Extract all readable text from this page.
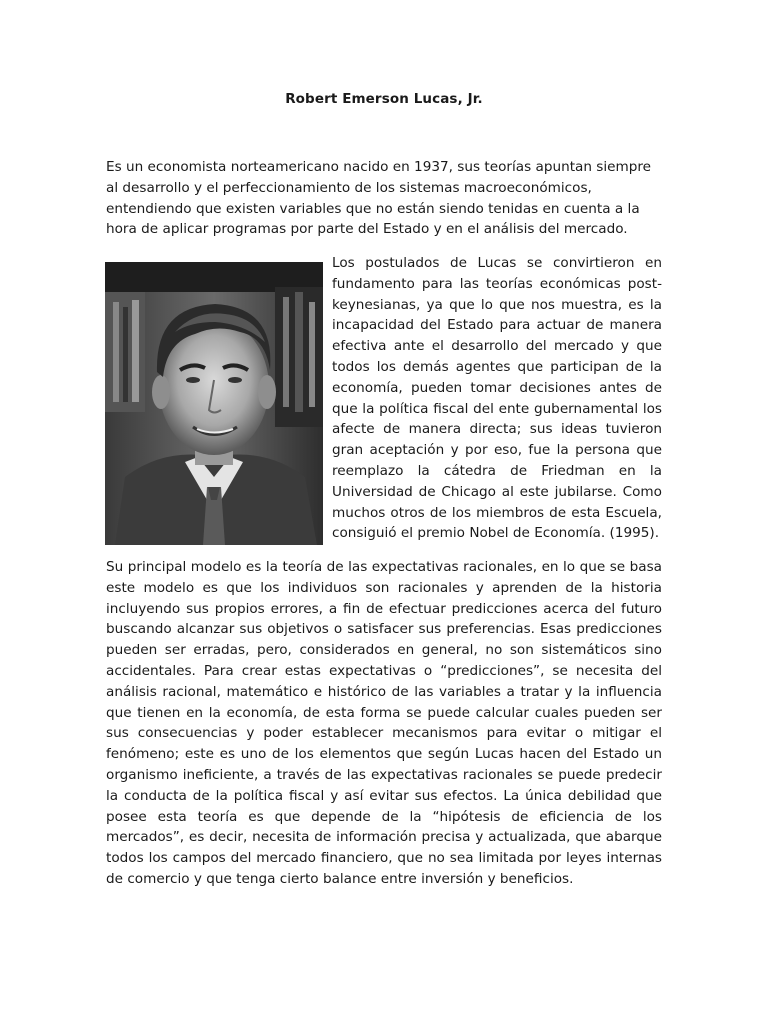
Robert Emerson Lucas, Jr.

Es un economista norteamericano nacido en 1937, sus teorías apuntan siempre al desarrollo y el perfeccionamiento de los sistemas macroeconómicos, entendiendo que existen variables que no están siendo tenidas en cuenta a la hora de aplicar programas por parte del Estado y en el análisis del mercado.

Los postulados de Lucas se convirtieron en fundamento para las teorías económicas post-keynesianas, ya que lo que nos muestra, es la incapacidad del Estado para actuar de manera efectiva ante el desarrollo del mercado y que todos los demás agentes que participan de la economía, pueden tomar decisiones antes de que la política fiscal del ente gubernamental los afecte de manera directa; sus ideas tuvieron gran aceptación y por eso, fue la persona que reemplazo la cátedra de Friedman en la Universidad de Chicago al este jubilarse. Como muchos otros de los miembros de esta Escuela, consiguió el premio Nobel de Economía. (1995).

Su principal modelo es la teoría de las expectativas racionales, en lo que se basa este modelo es que los individuos son racionales y aprenden de la historia incluyendo sus propios errores, a fin de efectuar predicciones acerca del futuro buscando alcanzar sus objetivos o satisfacer sus preferencias. Esas predicciones pueden ser erradas, pero, considerados en general, no son sistemáticos sino accidentales. Para crear estas expectativas o “predicciones”, se necesita del análisis racional, matemático e histórico de las variables a tratar y la influencia que tienen en la economía, de esta forma se puede calcular cuales pueden ser sus consecuencias y poder establecer mecanismos para evitar o mitigar el fenómeno; este es uno de los elementos que según Lucas hacen del Estado un organismo ineficiente, a través de las expectativas racionales se puede predecir la conducta de la política fiscal y así evitar sus efectos. La única debilidad que posee esta teoría es que depende de la “hipótesis de eficiencia de los mercados”, es decir, necesita de información precisa y actualizada, que abarque todos los campos del mercado financiero, que no sea limitada por leyes internas de comercio y que tenga cierto balance entre inversión y beneficios.
